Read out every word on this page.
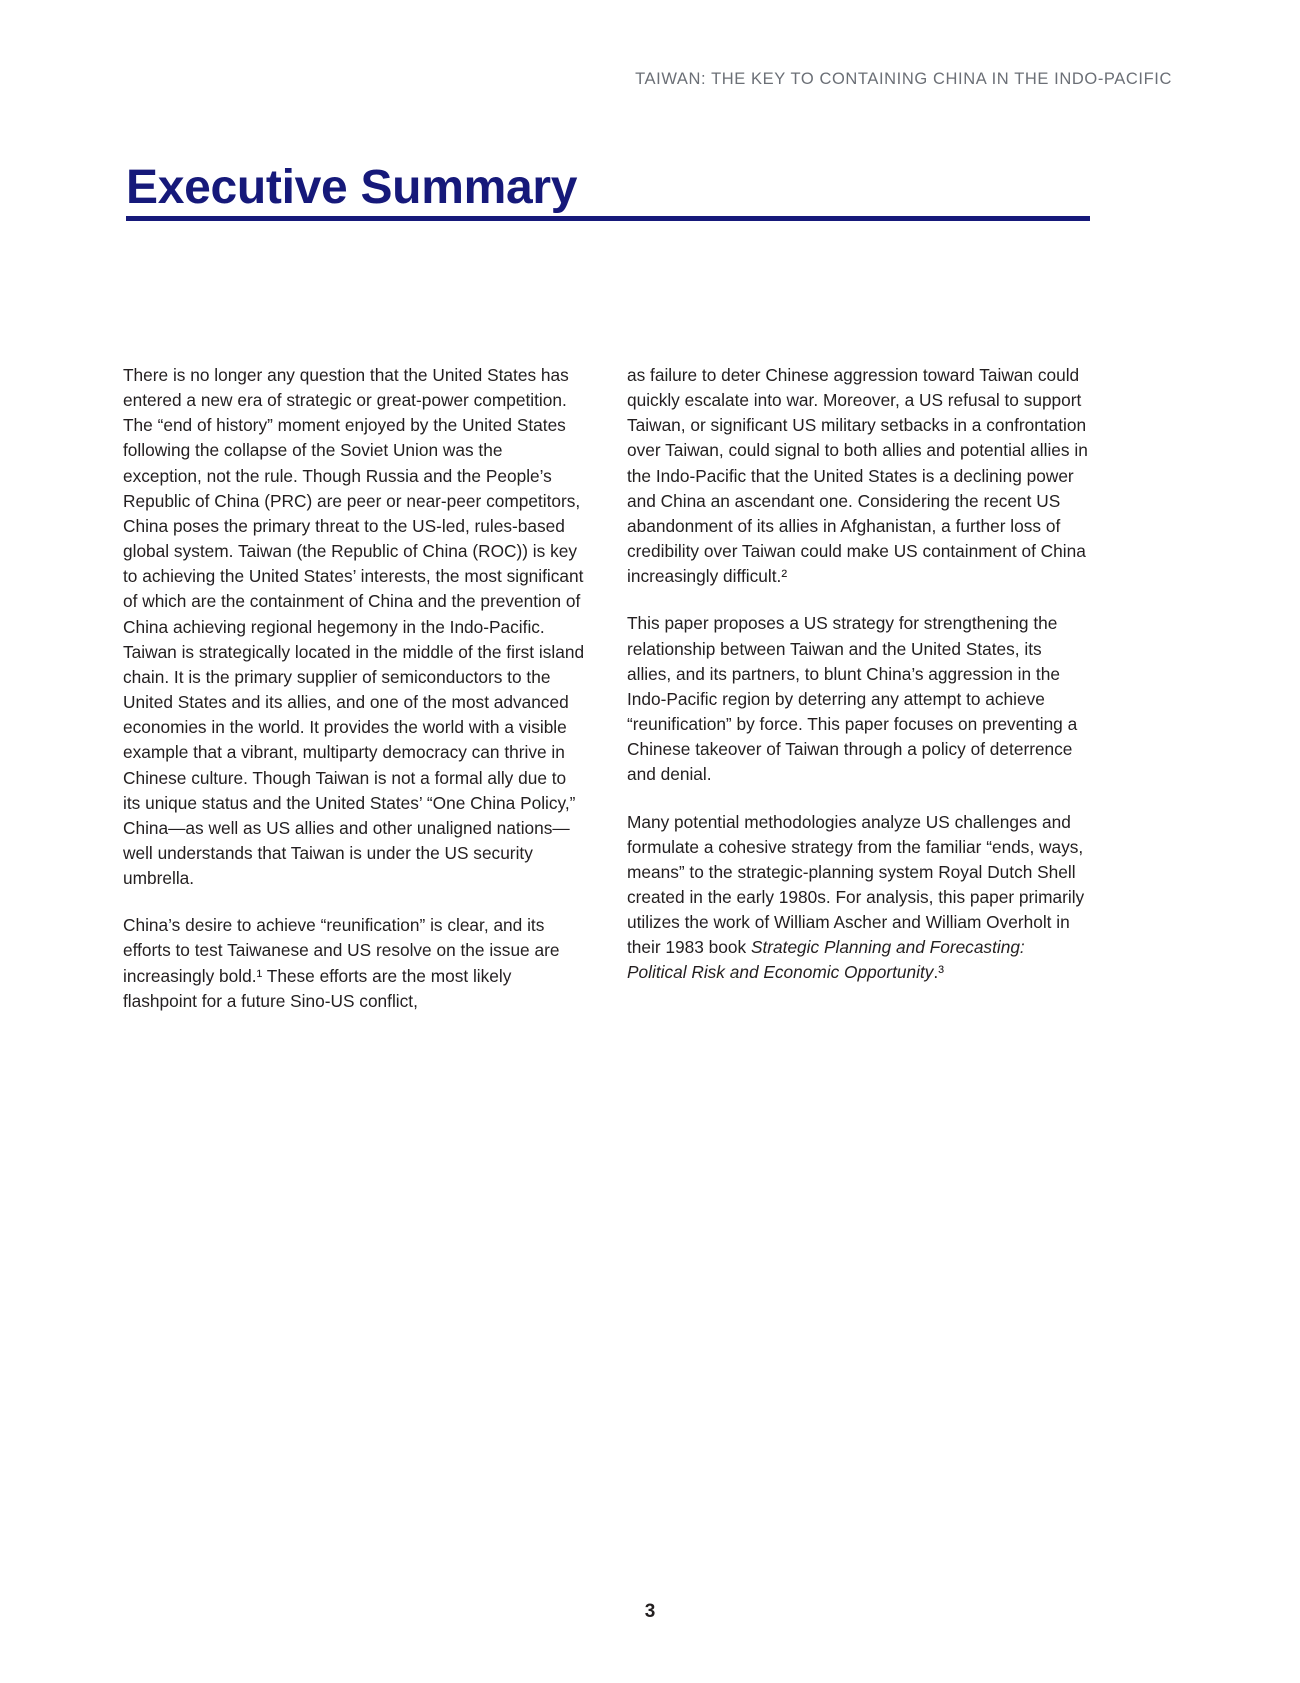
TAIWAN: THE KEY TO CONTAINING CHINA IN THE INDO-PACIFIC
Executive Summary

There is no longer any question that the United States has entered a new era of strategic or great-power competition. The “end of history” moment enjoyed by the United States following the collapse of the Soviet Union was the exception, not the rule. Though Russia and the People’s Republic of China (PRC) are peer or near-peer competitors, China poses the primary threat to the US-led, rules-based global system. Taiwan (the Republic of China (ROC)) is key to achieving the United States’ interests, the most significant of which are the containment of China and the prevention of China achieving regional hegemony in the Indo-Pacific. Taiwan is strategically located in the middle of the first island chain. It is the primary supplier of semiconductors to the United States and its allies, and one of the most advanced economies in the world. It provides the world with a visible example that a vibrant, multiparty democracy can thrive in Chinese culture. Though Taiwan is not a formal ally due to its unique status and the United States’ “One China Policy,” China—as well as US allies and other unaligned nations—well understands that Taiwan is under the US security umbrella.

China’s desire to achieve “reunification” is clear, and its efforts to test Taiwanese and US resolve on the issue are increasingly bold.¹ These efforts are the most likely flashpoint for a future Sino-US conflict,

as failure to deter Chinese aggression toward Taiwan could quickly escalate into war. Moreover, a US refusal to support Taiwan, or significant US military setbacks in a confrontation over Taiwan, could signal to both allies and potential allies in the Indo-Pacific that the United States is a declining power and China an ascendant one. Considering the recent US abandonment of its allies in Afghanistan, a further loss of credibility over Taiwan could make US containment of China increasingly difficult.²

This paper proposes a US strategy for strengthening the relationship between Taiwan and the United States, its allies, and its partners, to blunt China’s aggression in the Indo-Pacific region by deterring any attempt to achieve “reunification” by force. This paper focuses on preventing a Chinese takeover of Taiwan through a policy of deterrence and denial.

Many potential methodologies analyze US challenges and formulate a cohesive strategy from the familiar “ends, ways, means” to the strategic-planning system Royal Dutch Shell created in the early 1980s. For analysis, this paper primarily utilizes the work of William Ascher and William Overholt in their 1983 book Strategic Planning and Forecasting: Political Risk and Economic Opportunity.³

3
